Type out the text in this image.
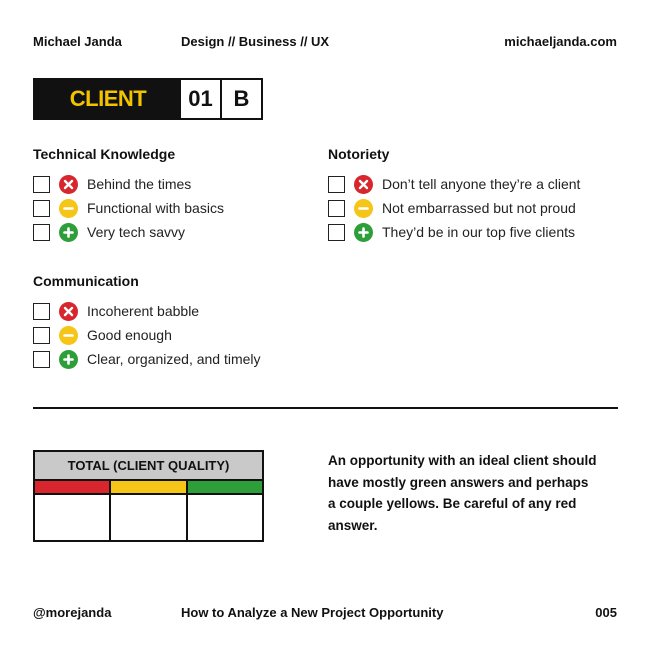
Michael Janda	Design // Business // UX	michaeljanda.com
CLIENT	01 B
Technical Knowledge
Behind the times
Functional with basics
Very tech savvy
Notoriety
Don’t tell anyone they’re a client
Not embarrassed but not proud
They’d be in our top five clients
Communication
Incoherent babble
Good enough
Clear, organized, and timely
TOTAL (CLIENT QUALITY)	An opportunity with an ideal client should have mostly green answers and perhaps a couple yellows. Be careful of any red answer.
@morejanda	How to Analyze a New Project Opportunity	005
